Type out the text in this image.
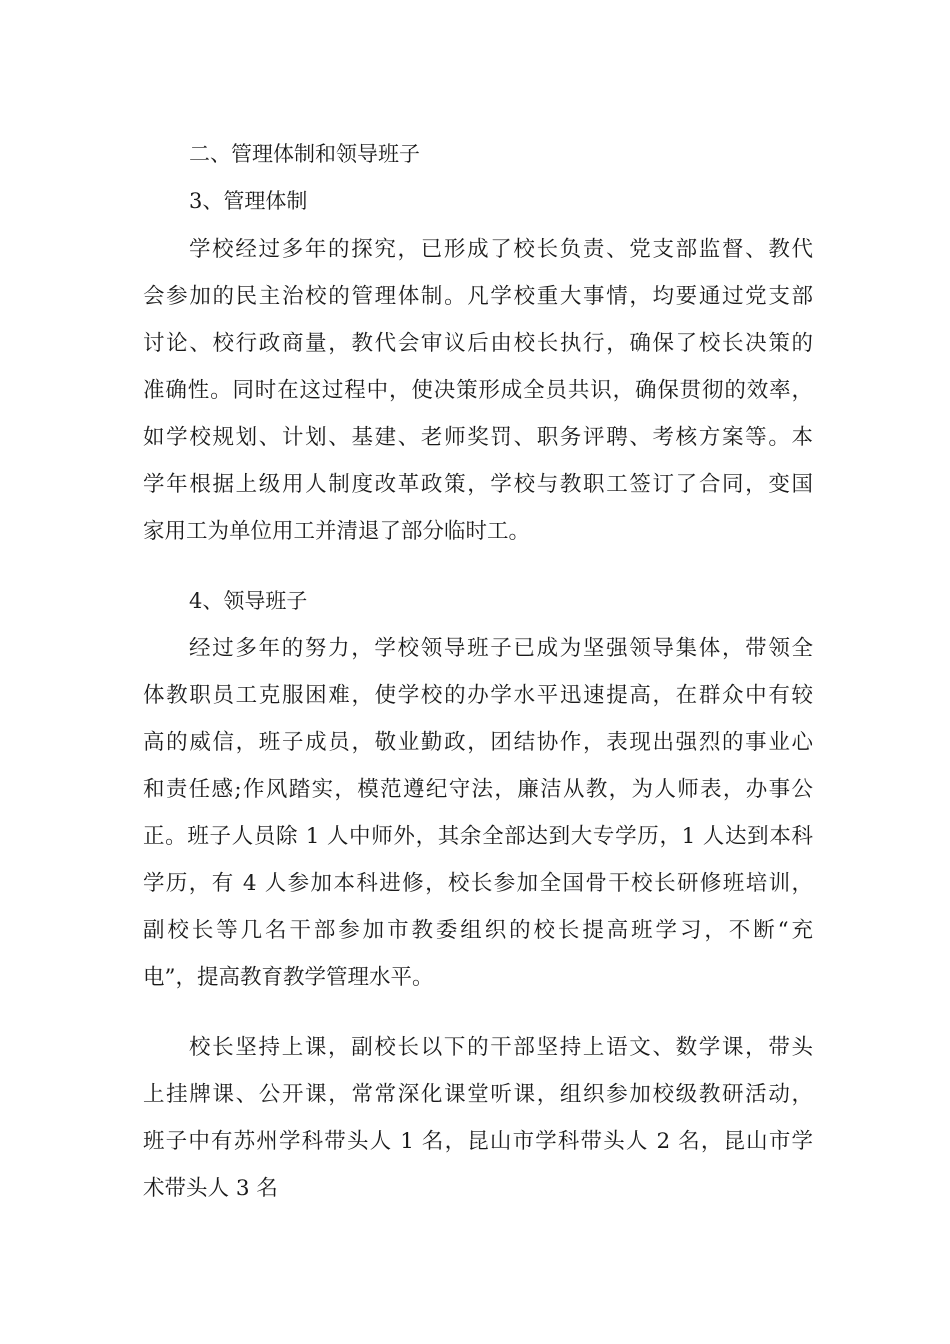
二、管理体制和领导班子
3、管理体制
学校经过多年的探究，已形成了校长负责、党支部监督、教代
会参加的民主治校的管理体制。凡学校重大事情，均要通过党支部
讨论、校行政商量，教代会审议后由校长执行，确保了校长决策的
准确性。同时在这过程中，使决策形成全员共识，确保贯彻的效率，
如学校规划、计划、基建、老师奖罚、职务评聘、考核方案等。本
学年根据上级用人制度改革政策，学校与教职工签订了合同，变国
家用工为单位用工并清退了部分临时工。
4、领导班子
经过多年的努力，学校领导班子已成为坚强领导集体，带领全
体教职员工克服困难，使学校的办学水平迅速提高，在群众中有较
高的威信，班子成员，敬业勤政，团结协作，表现出强烈的事业心
和责任感;作风踏实，模范遵纪守法，廉洁从教，为人师表，办事公
正。班子人员除 1 人中师外，其余全部达到大专学历，1 人达到本科
学历，有 4 人参加本科进修，校长参加全国骨干校长研修班培训，
副校长等几名干部参加市教委组织的校长提高班学习，不断“充
电”，提高教育教学管理水平。
校长坚持上课，副校长以下的干部坚持上语文、数学课，带头
上挂牌课、公开课，常常深化课堂听课，组织参加校级教研活动，
班子中有苏州学科带头人 1 名，昆山市学科带头人 2 名，昆山市学
术带头人 3 名
